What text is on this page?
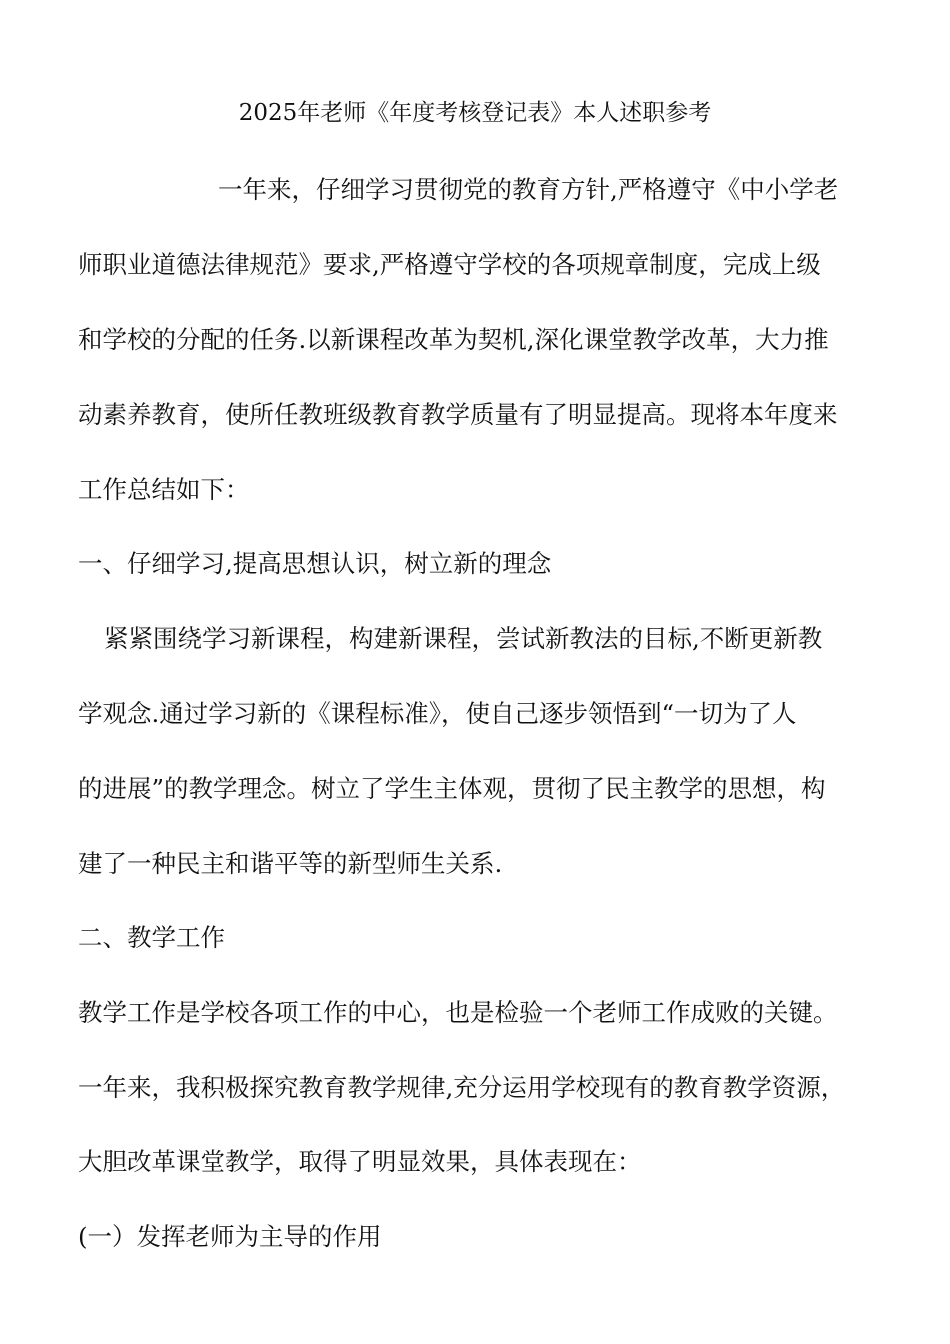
2025年老师《年度考核登记表》本人述职参考
一年来，仔细学习贯彻党的教育方针,严格遵守《中小学老
师职业道德法律规范》要求,严格遵守学校的各项规章制度，完成上级
和学校的分配的任务.以新课程改革为契机,深化课堂教学改革，大力推
动素养教育，使所任教班级教育教学质量有了明显提高。现将本年度来
工作总结如下：
一、仔细学习,提高思想认识，树立新的理念
紧紧围绕学习新课程，构建新课程，尝试新教法的目标,不断更新教
学观念.通过学习新的《课程标准》，使自己逐步领悟到“一切为了人
的进展”的教学理念。树立了学生主体观，贯彻了民主教学的思想，构
建了一种民主和谐平等的新型师生关系.
二、教学工作
教学工作是学校各项工作的中心，也是检验一个老师工作成败的关键。
一年来，我积极探究教育教学规律,充分运用学校现有的教育教学资源，
大胆改革课堂教学，取得了明显效果，具体表现在：
(一）发挥老师为主导的作用
